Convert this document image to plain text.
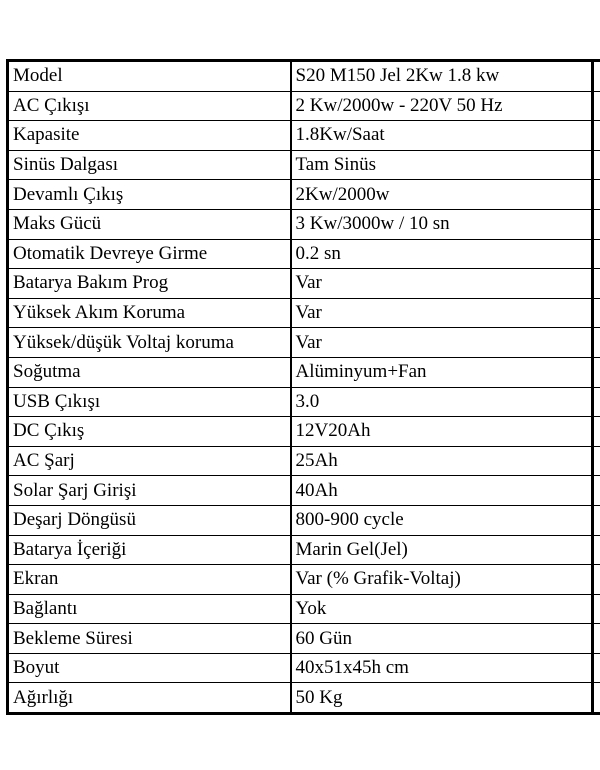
Model	S20 M150 Jel 2Kw 1.8 kw	
AC Çıkışı	2 Kw/2000w - 220V 50 Hz	
Kapasite	1.8Kw/Saat	
Sinüs Dalgası	Tam Sinüs	
Devamlı Çıkış	2Kw/2000w	
Maks Gücü	3 Kw/3000w / 10 sn	
Otomatik Devreye Girme	0.2 sn	
Batarya Bakım Prog	Var	
Yüksek Akım Koruma	Var	
Yüksek/düşük Voltaj koruma	Var	
Soğutma	Alüminyum+Fan	
USB Çıkışı	3.0	
DC Çıkış	12V20Ah	
AC Şarj	25Ah	
Solar Şarj Girişi	40Ah	
Deşarj Döngüsü	800-900 cycle	
Batarya İçeriği	Marin Gel(Jel)	
Ekran	Var (% Grafik-Voltaj)	
Bağlantı	Yok	
Bekleme Süresi	60 Gün	
Boyut	40x51x45h cm	
Ağırlığı	50 Kg	
